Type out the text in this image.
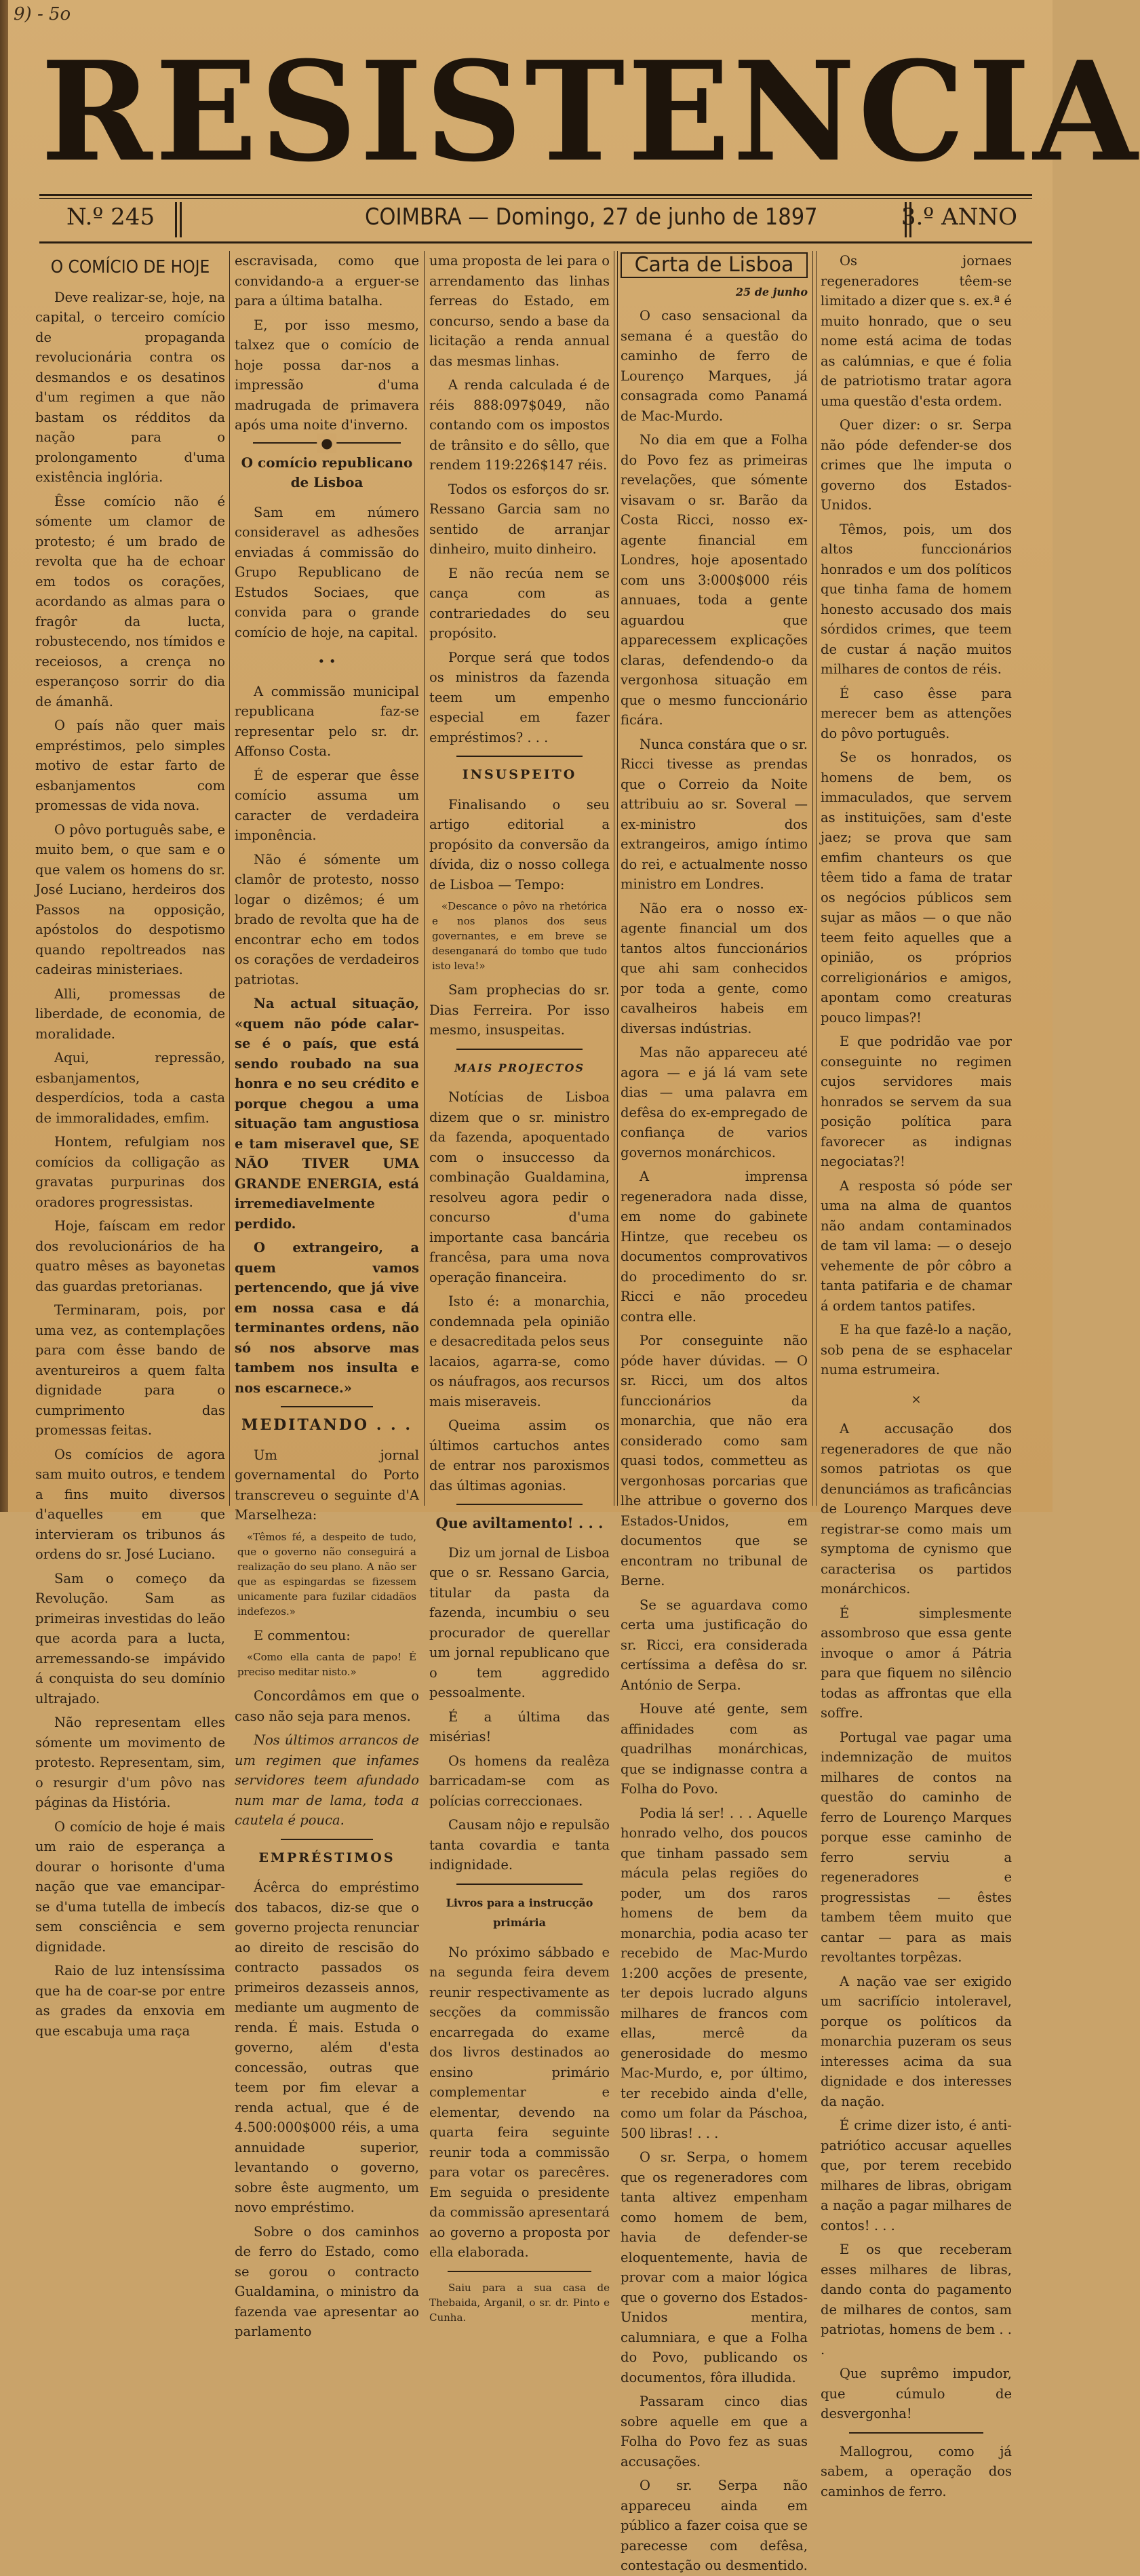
9) - 5o
RESISTENCIA
N.º 245	COIMBRA — Domingo, 27 de junho de 1897	3.º ANNO

O COMÍCIO DE HOJE

Deve realizar-se, hoje, na capital, o terceiro comício de propaganda revolucionária contra os desmandos e os desatinos d'um regimen a que não bastam os rédditos da nação para o prolongamento d'uma existência inglória.

Êsse comício não é sómente um clamor de protesto; é um brado de revolta que ha de echoar em todos os corações, acordando as almas para o fragôr da lucta, robustecendo, nos tímidos e receiosos, a crença no esperançoso sorrir do dia de ámanhã.

O país não quer mais empréstimos, pelo simples motivo de estar farto de esbanjamentos com promessas de vida nova.

O pôvo português sabe, e muito bem, o que sam e o que valem os homens do sr. José Luciano, herdeiros dos Passos na opposição, apóstolos do despotismo quando repoltreados nas cadeiras ministeriaes.

Alli, promessas de liberdade, de economia, de moralidade.

Aqui, repressão, esbanjamentos, desperdícios, toda a casta de immoralidades, emfim.

Hontem, refulgiam nos comícios da colligação as gravatas purpurinas dos oradores progressistas.

Hoje, faíscam em redor dos revolucionários de ha quatro mêses as bayonetas das guardas pretorianas.

Terminaram, pois, por uma vez, as contemplações para com êsse bando de aventureiros a quem falta dignidade para o cumprimento das promessas feitas.

Os comícios de agora sam muito outros, e tendem a fins muito diversos d'aquelles em que intervieram os tribunos ás ordens do sr. José Luciano.

Sam o começo da Revolução. Sam as primeiras investidas do leão que acorda para a lucta, arremessando-se impávido á conquista do seu domínio ultrajado.

Não representam elles sómente um movimento de protesto. Representam, sim, o resurgir d'um pôvo nas páginas da História.

O comício de hoje é mais um raio de esperança a dourar o horisonte d'uma nação que vae emancipar-se d'uma tutella de imbecís sem consciência e sem dignidade.

Raio de luz intensíssima que ha de coar-se por entre as grades da enxovia em que escabuja uma raça

escravisada, como que convidando-a a erguer-se para a última batalha.

E, por isso mesmo, talxez que o comício de hoje possa dar-nos a impressão d'uma madrugada de primavera após uma noite d'inverno.

●

O comício republicano de Lisboa

Sam em número consideravel as adhesões enviadas á commissão do Grupo Republicano de Estudos Sociaes, que convida para o grande comício de hoje, na capital.

• •

A commissão municipal republicana faz-se representar pelo sr. dr. Affonso Costa.

É de esperar que êsse comício assuma um caracter de verdadeira imponência.

Não é sómente um clamôr de protesto, nosso logar o dizêmos; é um brado de revolta que ha de encontrar echo em todos os corações de verdadeiros patriotas.

Na actual situação, «quem não póde calar-se é o país, que está sendo roubado na sua honra e no seu crédito e porque chegou a uma situação tam angustiosa e tam miseravel que, SE NÃO TIVER UMA GRANDE ENERGIA, está irremediavelmente perdido.

O extrangeiro, a quem vamos pertencendo, que já vive em nossa casa e dá terminantes ordens, não só nos absorve mas tambem nos insulta e nos escarnece.»

MEDITANDO . . .

Um jornal governamental do Porto transcreveu o seguinte d'A Marselheza:

«Têmos fé, a despeito de tudo, que o governo não conseguirá a realização do seu plano. A não ser que as espingardas se fizessem unicamente para fuzilar cidadãos indefezos.»

E commentou:

«Como ella canta de papo! É preciso meditar nisto.»

Concordâmos em que o caso não seja para menos.

Nos últimos arrancos de um regimen que infames servidores teem afundado num mar de lama, toda a cautela é pouca.

EMPRÉSTIMOS

Ácêrca do empréstimo dos tabacos, diz-se que o governo projecta renunciar ao direito de rescisão do contracto passados os primeiros dezasseis annos, mediante um augmento de renda. É mais. Estuda o governo, além d'esta concessão, outras que teem por fim elevar a renda actual, que é de 4.500:000$000 réis, a uma annuidade superior, levantando o governo, sobre êste augmento, um novo empréstimo.

Sobre o dos caminhos de ferro do Estado, como se gorou o contracto Gualdamina, o ministro da fazenda vae apresentar ao parlamento

uma proposta de lei para o arrendamento das linhas ferreas do Estado, em concurso, sendo a base da licitação a renda annual das mesmas linhas.

A renda calculada é de réis 888:097$049, não contando com os impostos de trânsito e do sêllo, que rendem 119:226$147 réis.

Todos os esforços do sr. Ressano Garcia sam no sentido de arranjar dinheiro, muito dinheiro.

E não recúa nem se cança com as contrariedades do seu propósito.

Porque será que todos os ministros da fazenda teem um empenho especial em fazer empréstimos? . . .

INSUSPEITO

Finalisando o seu artigo editorial a propósito da conversão da dívida, diz o nosso collega de Lisboa — Tempo:

«Descance o pôvo na rhetórica e nos planos dos seus governantes, e em breve se desenganará do tombo que tudo isto leva!»

Sam prophecias do sr. Dias Ferreira. Por isso mesmo, insuspeitas.

MAIS PROJECTOS

Notícias de Lisboa dizem que o sr. ministro da fazenda, apoquentado com o insuccesso da combinação Gualdamina, resolveu agora pedir o concurso d'uma importante casa bancária francêsa, para uma nova operação financeira.

Isto é: a monarchia, condemnada pela opinião e desacreditada pelos seus lacaios, agarra-se, como os náufragos, aos recursos mais miseraveis.

Queima assim os últimos cartuchos antes de entrar nos paroxismos das últimas agonias.

Que aviltamento! . . .

Diz um jornal de Lisboa que o sr. Ressano Garcia, titular da pasta da fazenda, incumbiu o seu procurador de querellar um jornal republicano que o tem aggredido pessoalmente.

É a última das misérias!

Os homens da realêza barricadam-se com as polícias correccionaes.

Causam nôjo e repulsão tanta covardia e tanta indignidade.

Livros para a instrucção primária

No próximo sábbado e na segunda feira devem reunir respectivamente as secções da commissão encarregada do exame dos livros destinados ao ensino primário complementar e elementar, devendo na quarta feira seguinte reunir toda a commissão para votar os parecêres. Em seguida o presidente da commissão apresentará ao governo a proposta por ella elaborada.

Saiu para a sua casa de Thebaida, Arganil, o sr. dr. Pinto e Cunha.

Carta de Lisboa

25 de junho

O caso sensacional da semana é a questão do caminho de ferro de Lourenço Marques, já consagrada como Panamá de Mac-Murdo.

No dia em que a Folha do Povo fez as primeiras revelações, que sómente visavam o sr. Barão da Costa Ricci, nosso ex-agente financial em Londres, hoje aposentado com uns 3:000$000 réis annuaes, toda a gente aguardou que apparecessem explicações claras, defendendo-o da vergonhosa situação em que o mesmo funccionário ficára.

Nunca constára que o sr. Ricci tivesse as prendas que o Correio da Noite attribuiu ao sr. Soveral — ex-ministro dos extrangeiros, amigo íntimo do rei, e actualmente nosso ministro em Londres.

Não era o nosso ex-agente financial um dos tantos altos funccionários que ahi sam conhecidos por toda a gente, como cavalheiros habeis em diversas indústrias.

Mas não appareceu até agora — e já lá vam sete dias — uma palavra em defêsa do ex-empregado de confiança de varios governos monárchicos.

A imprensa regeneradora nada disse, em nome do gabinete Hintze, que recebeu os documentos comprovativos do procedimento do sr. Ricci e não procedeu contra elle.

Por conseguinte não póde haver dúvidas. — O sr. Ricci, um dos altos funccionários da monarchia, que não era considerado como sam quasi todos, commetteu as vergonhosas porcarias que lhe attribue o governo dos Estados-Unidos, em documentos que se encontram no tribunal de Berne.

Se se aguardava como certa uma justificação do sr. Ricci, era considerada certíssima a defêsa do sr. António de Serpa.

Houve até gente, sem affinidades com as quadrilhas monárchicas, que se indignasse contra a Folha do Povo.

Podia lá ser! . . . Aquelle honrado velho, dos poucos que tinham passado sem mácula pelas regiões do poder, um dos raros homens de bem da monarchia, podia acaso ter recebido de Mac-Murdo 1:200 acções de presente, ter depois lucrado alguns milhares de francos com ellas, mercê da generosidade do mesmo Mac-Murdo, e, por último, ter recebido ainda d'elle, como um folar da Páschoa, 500 libras! . . .

O sr. Serpa, o homem que os regeneradores com tanta altivez empenham como homem de bem, havia de defender-se eloquentemente, havia de provar com a maior lógica que o governo dos Estados-Unidos mentira, calumniara, e que a Folha do Povo, publicando os documentos, fôra illudida.

Passaram cinco dias sobre aquelle em que a Folha do Povo fez as suas accusações.

O sr. Serpa não appareceu ainda em público a fazer coisa que se parecesse com defêsa, contestação ou desmentido.

Os jornaes regeneradores têem-se limitado a dizer que s. ex.ª é muito honrado, que o seu nome está acima de todas as calúmnias, e que é folia de patriotismo tratar agora uma questão d'esta ordem.

Quer dizer: o sr. Serpa não póde defender-se dos crimes que lhe imputa o governo dos Estados-Unidos.

Têmos, pois, um dos altos funccionários honrados e um dos políticos que tinha fama de homem honesto accusado dos mais sórdidos crimes, que teem de custar á nação muitos milhares de contos de réis.

É caso êsse para merecer bem as attenções do pôvo português.

Se os honrados, os homens de bem, os immaculados, que servem as instituições, sam d'este jaez; se prova que sam emfim chanteurs os que têem tido a fama de tratar os negócios públicos sem sujar as mãos — o que não teem feito aquelles que a opinião, os próprios correligionários e amigos, apontam como creaturas pouco limpas?!

E que podridão vae por conseguinte no regimen cujos servidores mais honrados se servem da sua posição política para favorecer as indignas negociatas?!

A resposta só póde ser uma na alma de quantos não andam contaminados de tam vil lama: — o desejo vehemente de pôr côbro a tanta patifaria e de chamar á ordem tantos patifes.

E ha que fazê-lo a nação, sob pena de se esphacelar numa estrumeira.

×

A accusação dos regeneradores de que não somos patriotas os que denunciámos as traficâncias de Lourenço Marques deve registrar-se como mais um symptoma de cynismo que caracterisa os partidos monárchicos.

É simplesmente assombroso que essa gente invoque o amor á Pátria para que fiquem no silêncio todas as affrontas que ella soffre.

Portugal vae pagar uma indemnização de muitos milhares de contos na questão do caminho de ferro de Lourenço Marques porque esse caminho de ferro serviu a regeneradores e progressistas — êstes tambem têem muito que cantar — para as mais revoltantes torpêzas.

A nação vae ser exigido um sacrifício intoleravel, porque os políticos da monarchia puzeram os seus interesses acima da sua dignidade e dos interesses da nação.

É crime dizer isto, é anti-patriótico accusar aquelles que, por terem recebido milhares de libras, obrigam a nação a pagar milhares de contos! . . .

E os que receberam esses milhares de libras, dando conta do pagamento de milhares de contos, sam patriotas, homens de bem . . .

Que suprêmo impudor, que cúmulo de desvergonha!

Mallogrou, como já sabem, a operação dos caminhos de ferro.
